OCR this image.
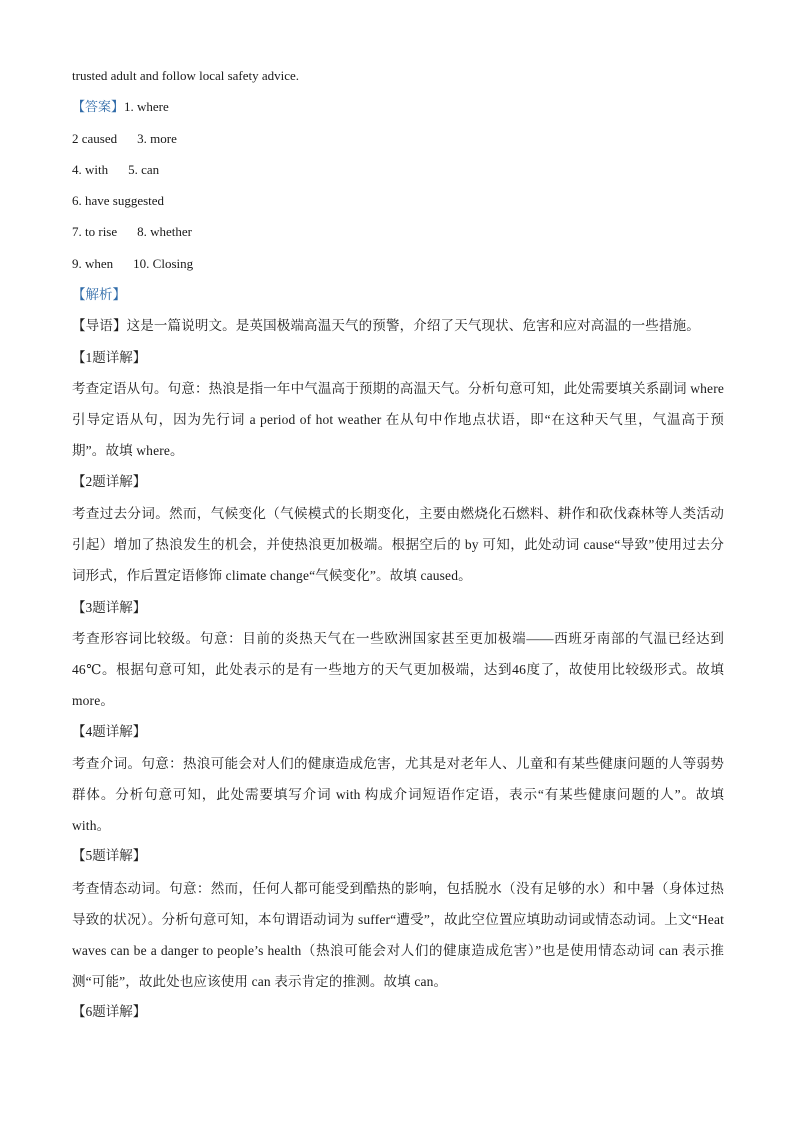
trusted adult and follow local safety advice.
【答案】1. where
2 caused 3. more
4. with 5. can
6. have suggested
7. to rise 8. whether
9. when 10. Closing
【解析】
【导语】这是一篇说明文。是英国极端高温天气的预警，介绍了天气现状、危害和应对高温的一些措施。
【1题详解】
考查定语从句。句意：热浪是指一年中气温高于预期的高温天气。分析句意可知，此处需要填关系副词 where 引导定语从句，因为先行词 a period of hot weather 在从句中作地点状语，即“在这种天气里，气温高于预期”。故填 where。
【2题详解】
考查过去分词。然而，气候变化（气候模式的长期变化，主要由燃烧化石燃料、耕作和砍伐森林等人类活动引起）增加了热浪发生的机会，并使热浪更加极端。根据空后的 by 可知，此处动词 cause“导致”使用过去分词形式，作后置定语修饰 climate change“气候变化”。故填 caused。
【3题详解】
考查形容词比较级。句意：目前的炎热天气在一些欧洲国家甚至更加极端——西班牙南部的气温已经达到46℃。根据句意可知，此处表示的是有一些地方的天气更加极端，达到46度了，故使用比较级形式。故填 more。
【4题详解】
考查介词。句意：热浪可能会对人们的健康造成危害，尤其是对老年人、儿童和有某些健康问题的人等弱势群体。分析句意可知，此处需要填写介词 with 构成介词短语作定语，表示“有某些健康问题的人”。故填 with。
【5题详解】
考查情态动词。句意：然而，任何人都可能受到酷热的影响，包括脱水（没有足够的水）和中暑（身体过热导致的状况）。分析句意可知，本句谓语动词为 suffer“遭受”，故此空位置应填助动词或情态动词。上文“Heat waves can be a danger to people’s health（热浪可能会对人们的健康造成危害）”也是使用情态动词 can 表示推测“可能”，故此处也应该使用 can 表示肯定的推测。故填 can。
【6题详解】
